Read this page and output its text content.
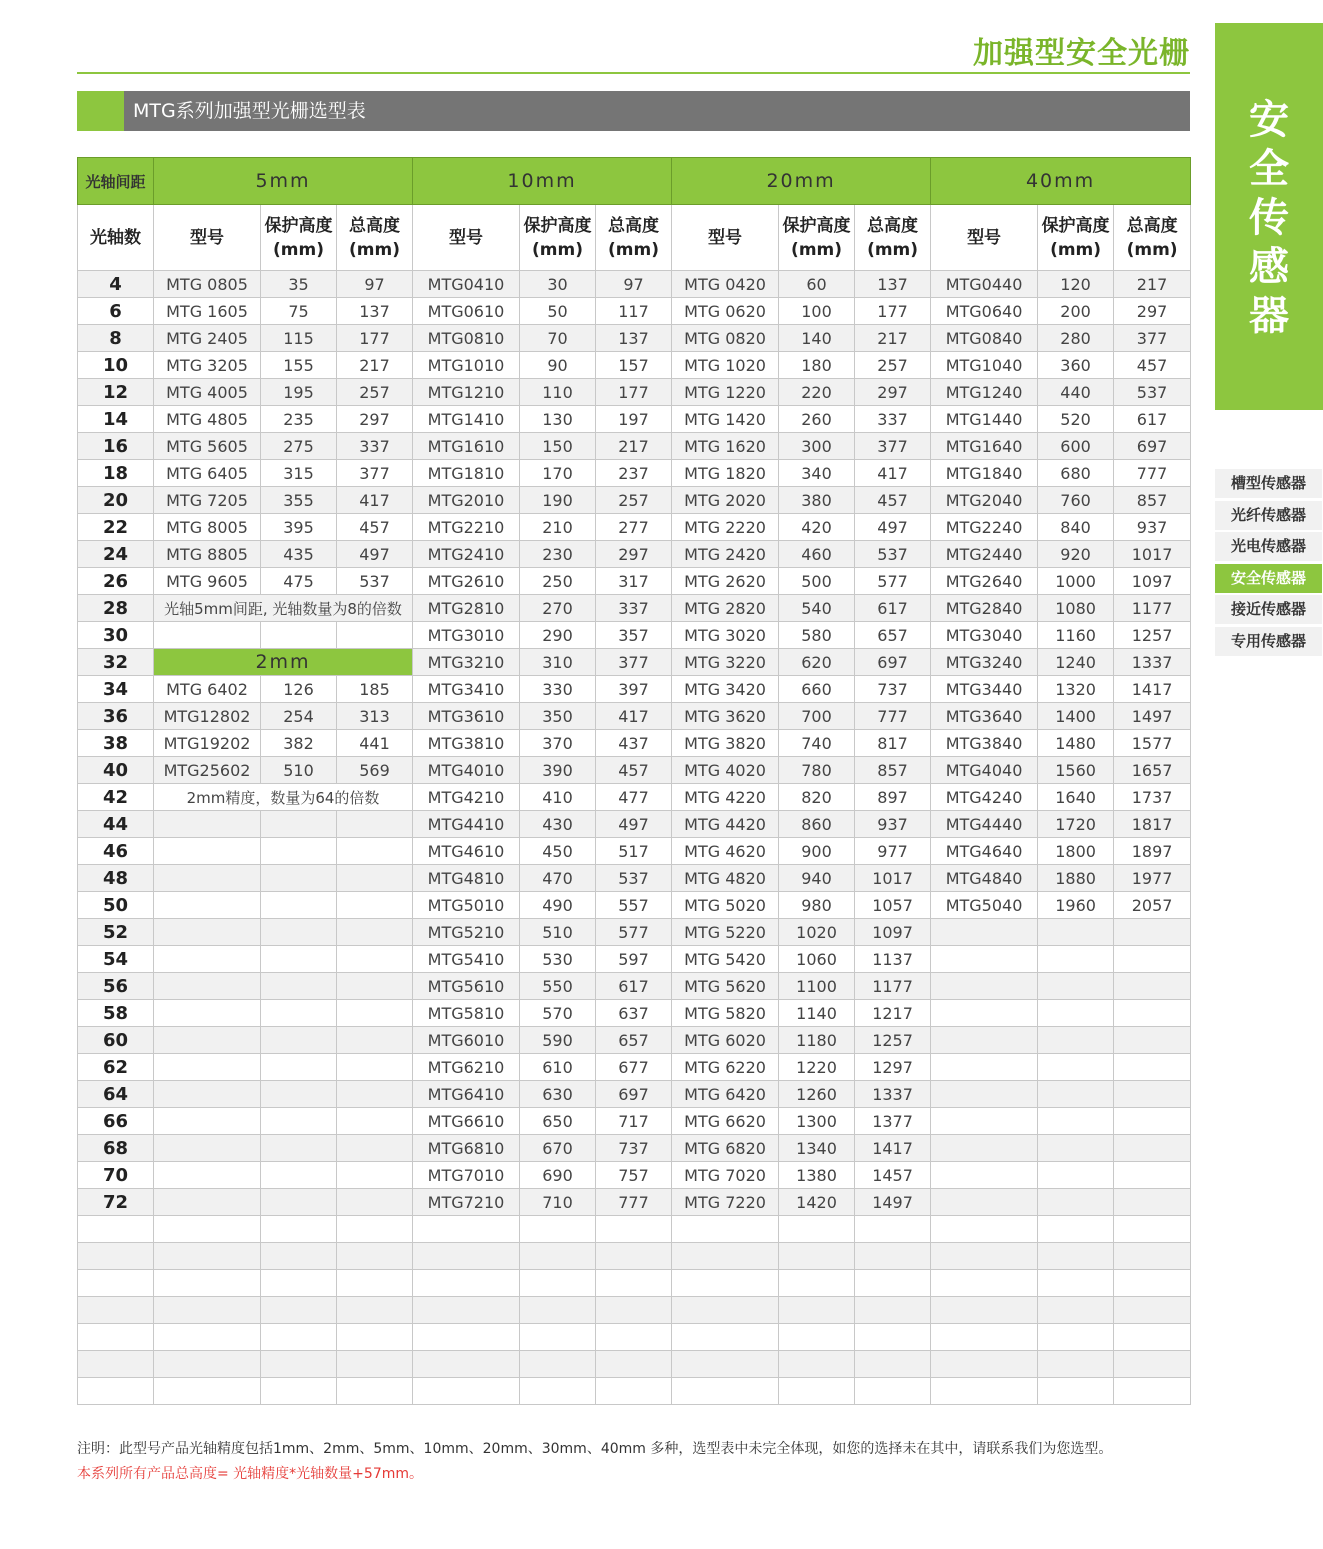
加强型安全光栅
MTG系列加强型光栅选型表	安
全
传
感
器
槽型传感器
光纤传感器
光电传感器
安全传感器
接近传感器
专用传感器
光轴间距	5mm			10mm			20mm			40mm		
光轴数	型号	保护高度(mm)	总高度(mm)	型号	保护高度(mm)	总高度(mm)	型号	保护高度(mm)	总高度(mm)	型号	保护高度(mm)	总高度(mm)
4	MTG 0805	35	97	MTG0410	30	97	MTG 0420	60	137	MTG0440	120	217
6	MTG 1605	75	137	MTG0610	50	117	MTG 0620	100	177	MTG0640	200	297
8	MTG 2405	115	177	MTG0810	70	137	MTG 0820	140	217	MTG0840	280	377
10	MTG 3205	155	217	MTG1010	90	157	MTG 1020	180	257	MTG1040	360	457
12	MTG 4005	195	257	MTG1210	110	177	MTG 1220	220	297	MTG1240	440	537
14	MTG 4805	235	297	MTG1410	130	197	MTG 1420	260	337	MTG1440	520	617
16	MTG 5605	275	337	MTG1610	150	217	MTG 1620	300	377	MTG1640	600	697
18	MTG 6405	315	377	MTG1810	170	237	MTG 1820	340	417	MTG1840	680	777
20	MTG 7205	355	417	MTG2010	190	257	MTG 2020	380	457	MTG2040	760	857
22	MTG 8005	395	457	MTG2210	210	277	MTG 2220	420	497	MTG2240	840	937
24	MTG 8805	435	497	MTG2410	230	297	MTG 2420	460	537	MTG2440	920	1017
26	MTG 9605	475	537	MTG2610	250	317	MTG 2620	500	577	MTG2640	1000	1097
28	光轴5mm间距, 光轴数量为8的倍数			MTG2810	270	337	MTG 2820	540	617	MTG2840	1080	1177
30				MTG3010	290	357	MTG 3020	580	657	MTG3040	1160	1257
32	2mm			MTG3210	310	377	MTG 3220	620	697	MTG3240	1240	1337
34	MTG 6402	126	185	MTG3410	330	397	MTG 3420	660	737	MTG3440	1320	1417
36	MTG12802	254	313	MTG3610	350	417	MTG 3620	700	777	MTG3640	1400	1497
38	MTG19202	382	441	MTG3810	370	437	MTG 3820	740	817	MTG3840	1480	1577
40	MTG25602	510	569	MTG4010	390	457	MTG 4020	780	857	MTG4040	1560	1657
42	2mm精度，数量为64的倍数			MTG4210	410	477	MTG 4220	820	897	MTG4240	1640	1737
44				MTG4410	430	497	MTG 4420	860	937	MTG4440	1720	1817
46				MTG4610	450	517	MTG 4620	900	977	MTG4640	1800	1897
48				MTG4810	470	537	MTG 4820	940	1017	MTG4840	1880	1977
50				MTG5010	490	557	MTG 5020	980	1057	MTG5040	1960	2057
52				MTG5210	510	577	MTG 5220	1020	1097			
54				MTG5410	530	597	MTG 5420	1060	1137			
56				MTG5610	550	617	MTG 5620	1100	1177			
58				MTG5810	570	637	MTG 5820	1140	1217			
60				MTG6010	590	657	MTG 6020	1180	1257			
62				MTG6210	610	677	MTG 6220	1220	1297			
64				MTG6410	630	697	MTG 6420	1260	1337			
66				MTG6610	650	717	MTG 6620	1300	1377			
68				MTG6810	670	737	MTG 6820	1340	1417			
70				MTG7010	690	757	MTG 7020	1380	1457			
72				MTG7210	710	777	MTG 7220	1420	1497			

注明：此型号产品光轴精度包括1mm、2mm、5mm、10mm、20mm、30mm、40mm 多种，选型表中未完全体现，如您的选择未在其中，请联系我们为您选型。
本系列所有产品总高度= 光轴精度*光轴数量+57mm。
